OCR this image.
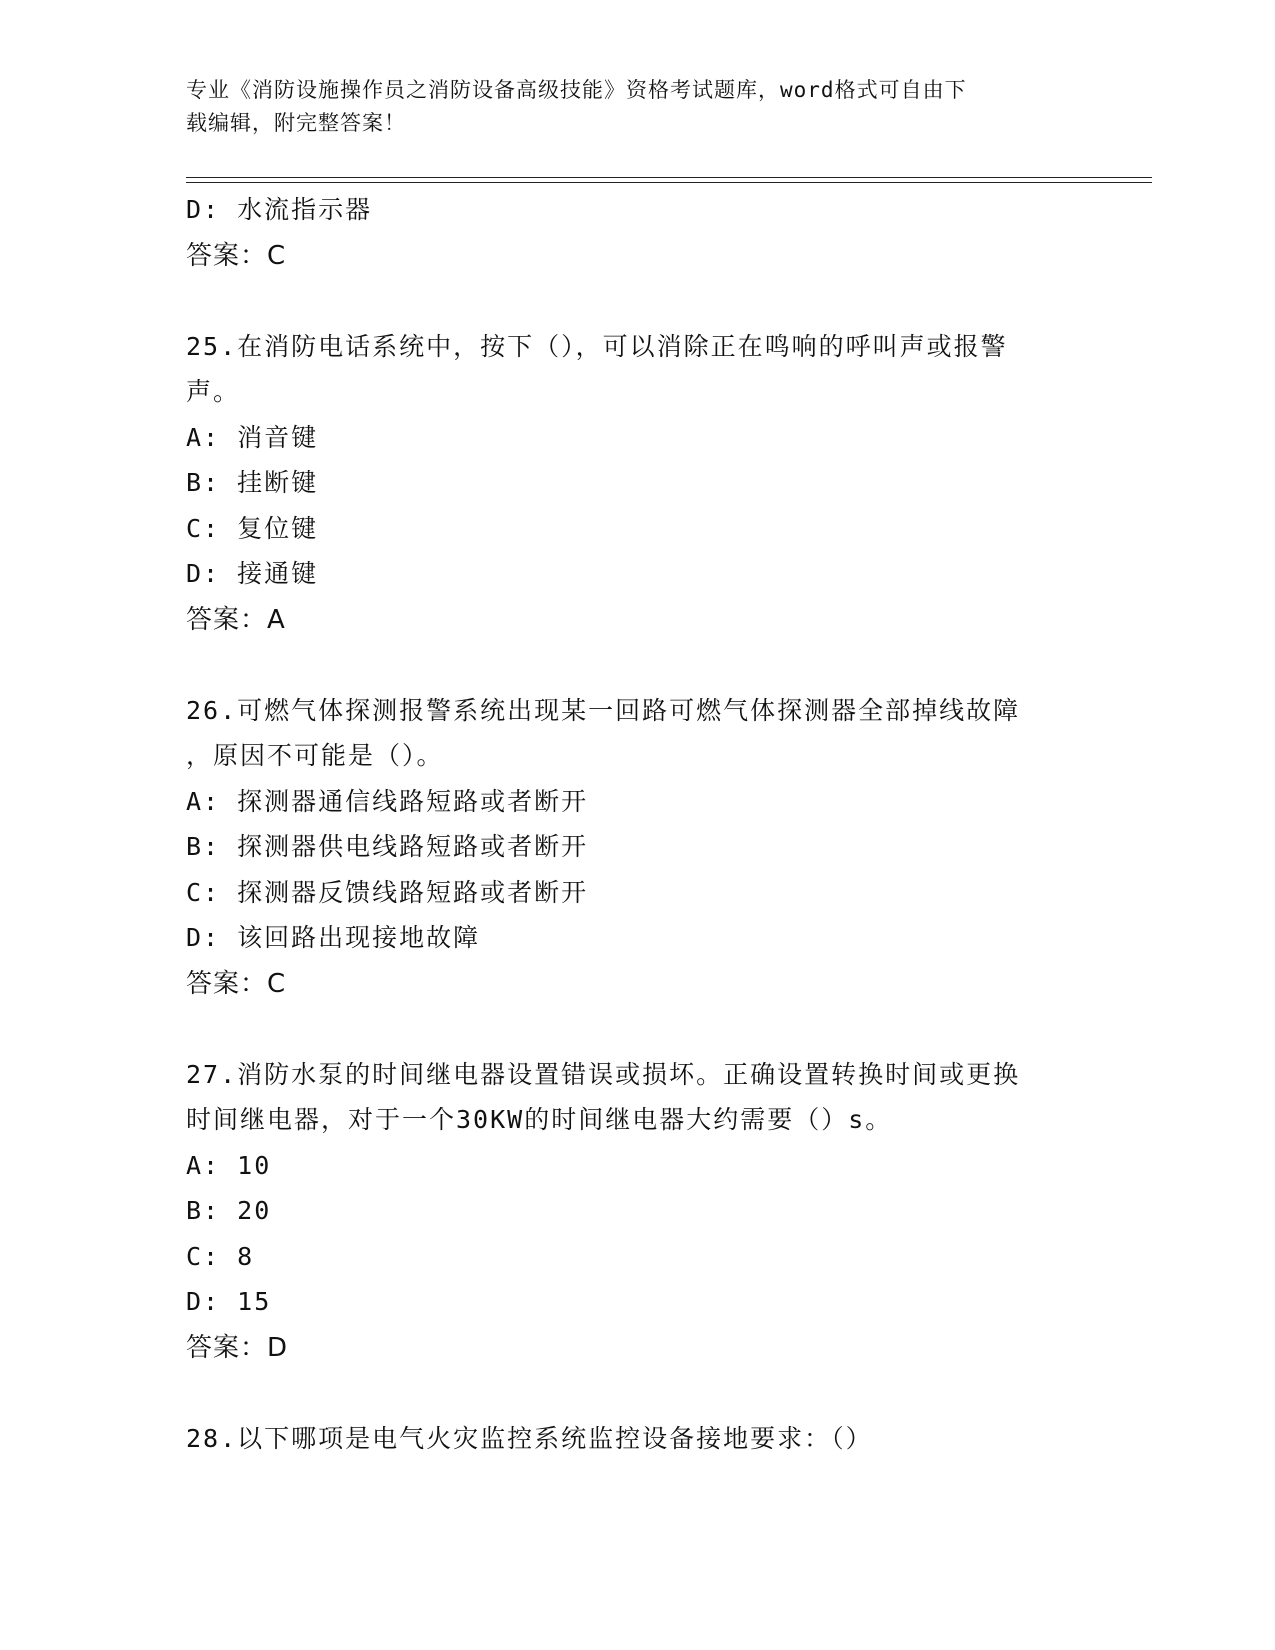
专业《消防设施操作员之消防设备高级技能》资格考试题库，word格式可自由下
载编辑，附完整答案！

D: 水流指示器

答案：C

25.在消防电话系统中，按下（），可以消除正在鸣响的呼叫声或报警

声。

A: 消音键

B: 挂断键

C: 复位键

D: 接通键

答案：A

26.可燃气体探测报警系统出现某一回路可燃气体探测器全部掉线故障

，原因不可能是（）。

A: 探测器通信线路短路或者断开

B: 探测器供电线路短路或者断开

C: 探测器反馈线路短路或者断开

D: 该回路出现接地故障

答案：C

27.消防水泵的时间继电器设置错误或损坏。正确设置转换时间或更换

时间继电器，对于一个30KW的时间继电器大约需要（）s。

A: 10

B: 20

C: 8

D: 15

答案：D

28.以下哪项是电气火灾监控系统监控设备接地要求：（）
